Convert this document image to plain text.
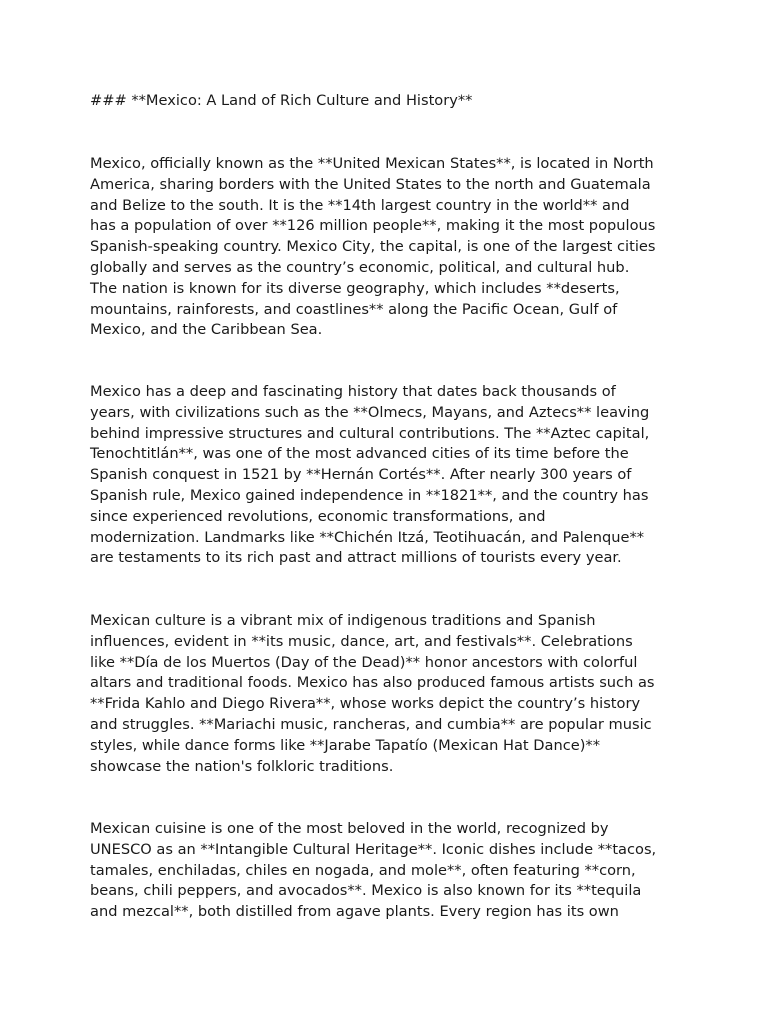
### **Mexico: A Land of Rich Culture and History**

Mexico, officially known as the **United Mexican States**, is located in North
America, sharing borders with the United States to the north and Guatemala
and Belize to the south. It is the **14th largest country in the world** and
has a population of over **126 million people**, making it the most populous
Spanish-speaking country. Mexico City, the capital, is one of the largest cities
globally and serves as the country’s economic, political, and cultural hub.
The nation is known for its diverse geography, which includes **deserts,
mountains, rainforests, and coastlines** along the Pacific Ocean, Gulf of
Mexico, and the Caribbean Sea.

Mexico has a deep and fascinating history that dates back thousands of
years, with civilizations such as the **Olmecs, Mayans, and Aztecs** leaving
behind impressive structures and cultural contributions. The **Aztec capital,
Tenochtitlán**, was one of the most advanced cities of its time before the
Spanish conquest in 1521 by **Hernán Cortés**. After nearly 300 years of
Spanish rule, Mexico gained independence in **1821**, and the country has
since experienced revolutions, economic transformations, and
modernization. Landmarks like **Chichén Itzá, Teotihuacán, and Palenque**
are testaments to its rich past and attract millions of tourists every year.

Mexican culture is a vibrant mix of indigenous traditions and Spanish
influences, evident in **its music, dance, art, and festivals**. Celebrations
like **Día de los Muertos (Day of the Dead)** honor ancestors with colorful
altars and traditional foods. Mexico has also produced famous artists such as
**Frida Kahlo and Diego Rivera**, whose works depict the country’s history
and struggles. **Mariachi music, rancheras, and cumbia** are popular music
styles, while dance forms like **Jarabe Tapatío (Mexican Hat Dance)**
showcase the nation's folkloric traditions.

Mexican cuisine is one of the most beloved in the world, recognized by
UNESCO as an **Intangible Cultural Heritage**. Iconic dishes include **tacos,
tamales, enchiladas, chiles en nogada, and mole**, often featuring **corn,
beans, chili peppers, and avocados**. Mexico is also known for its **tequila
and mezcal**, both distilled from agave plants. Every region has its own
